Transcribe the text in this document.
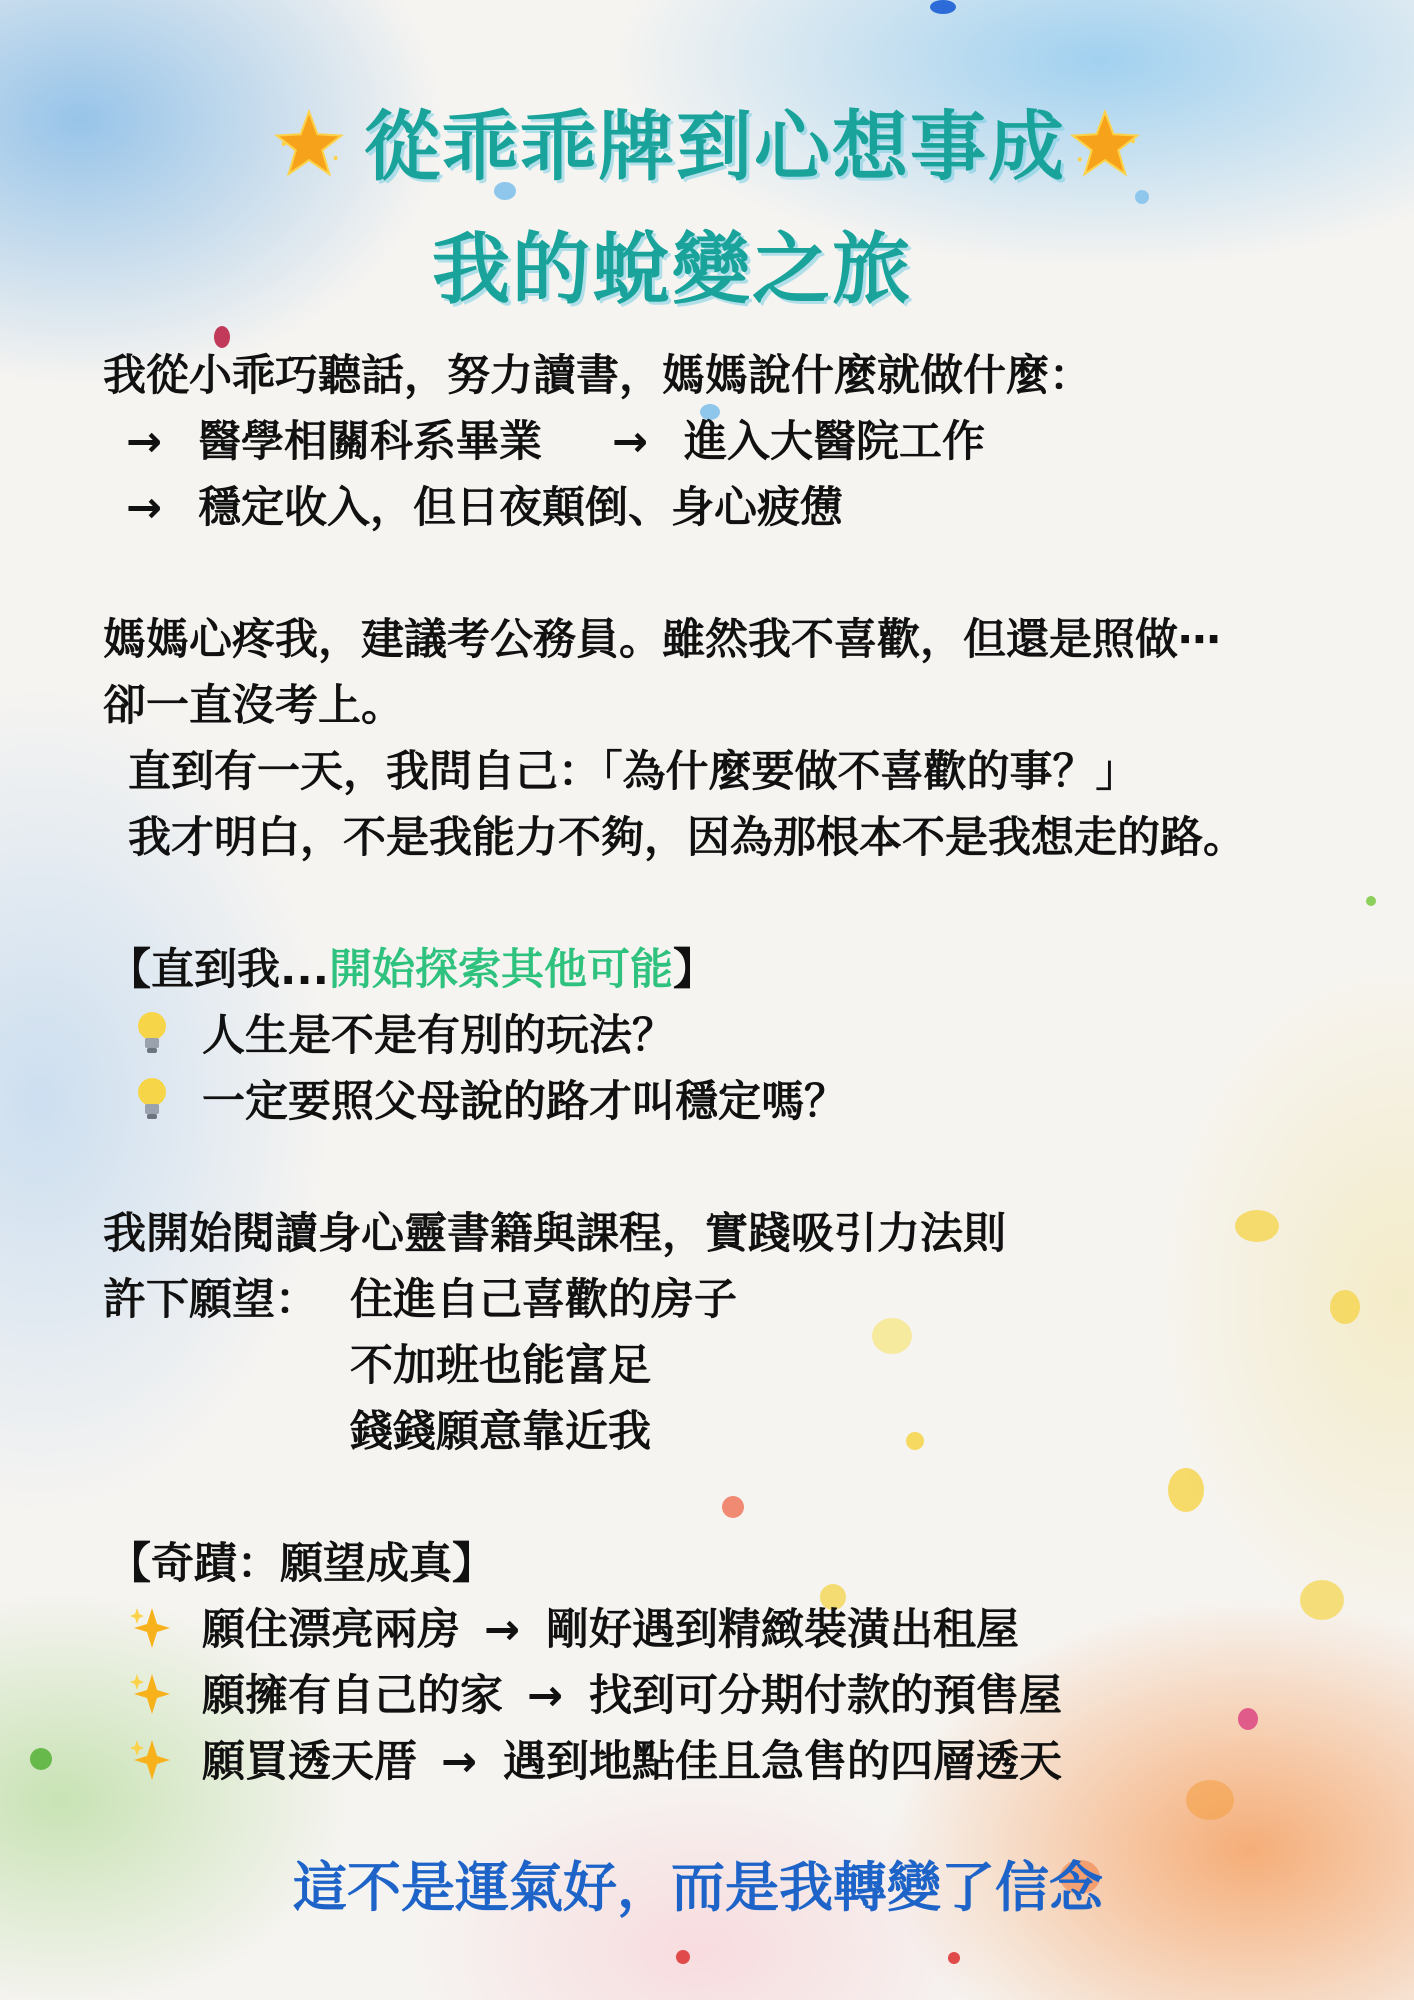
從乖乖牌到心想事成
我的蛻變之旅

我從小乖巧聽話，努力讀書，媽媽說什麼就做什麼：

→ 醫學相關科系畢業 → 進入大醫院工作

→ 穩定收入，但日夜顛倒、身心疲憊

媽媽心疼我，建議考公務員。雖然我不喜歡，但還是照做⋯

卻一直沒考上。

直到有一天，我問自己：「為什麼要做不喜歡的事？」

我才明白，不是我能力不夠，因為那根本不是我想走的路。

【直到我...開始探索其他可能】

人生是不是有別的玩法？

一定要照父母說的路才叫穩定嗎？

我開始閱讀身心靈書籍與課程，實踐吸引力法則

許下願望： 住進自己喜歡的房子

不加班也能富足

錢錢願意靠近我

【奇蹟：願望成真】

願住漂亮兩房 → 剛好遇到精緻裝潢出租屋

願擁有自己的家 → 找到可分期付款的預售屋

願買透天厝 → 遇到地點佳且急售的四層透天

這不是運氣好，而是我轉變了信念
